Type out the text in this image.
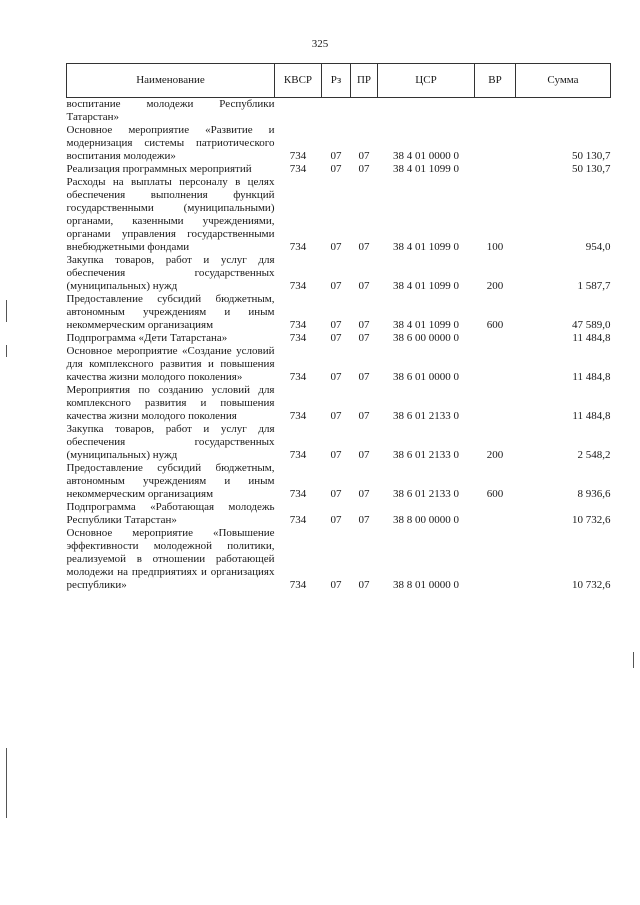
325
Наименование	КВСР	Рз	ПР	ЦСР	ВР	Сумма
воспитание молодежи Республики Татарстан»						
Основное мероприятие «Развитие и модернизация системы патриотического воспитания молодежи»	734	07	07	38 4 01 0000 0		50 130,7
Реализация программных мероприятий	734	07	07	38 4 01 1099 0		50 130,7
Расходы на выплаты персоналу в целях обеспечения выполнения функций государственными (муниципальными) органами, казенными учреждениями, органами управления государственными внебюджетными фондами	734	07	07	38 4 01 1099 0	100	954,0
Закупка товаров, работ и услуг для обеспечения государственных (муниципальных) нужд	734	07	07	38 4 01 1099 0	200	1 587,7
Предоставление субсидий бюджетным, автономным учреждениям и иным некоммерческим организациям	734	07	07	38 4 01 1099 0	600	47 589,0
Подпрограмма «Дети Татарстана»	734	07	07	38 6 00 0000 0		11 484,8
Основное мероприятие «Создание условий для комплексного развития и повышения качества жизни молодого поколения»	734	07	07	38 6 01 0000 0		11 484,8
Мероприятия по созданию условий для комплексного развития и повышения качества жизни молодого поколения	734	07	07	38 6 01 2133 0		11 484,8
Закупка товаров, работ и услуг для обеспечения государственных (муниципальных) нужд	734	07	07	38 6 01 2133 0	200	2 548,2
Предоставление субсидий бюджетным, автономным учреждениям и иным некоммерческим организациям	734	07	07	38 6 01 2133 0	600	8 936,6
Подпрограмма «Работающая молодежь Республики Татарстан»	734	07	07	38 8 00 0000 0		10 732,6
Основное мероприятие «Повышение эффективности молодежной политики, реализуемой в отношении работающей молодежи на предприятиях и организациях республики»	734	07	07	38 8 01 0000 0		10 732,6
